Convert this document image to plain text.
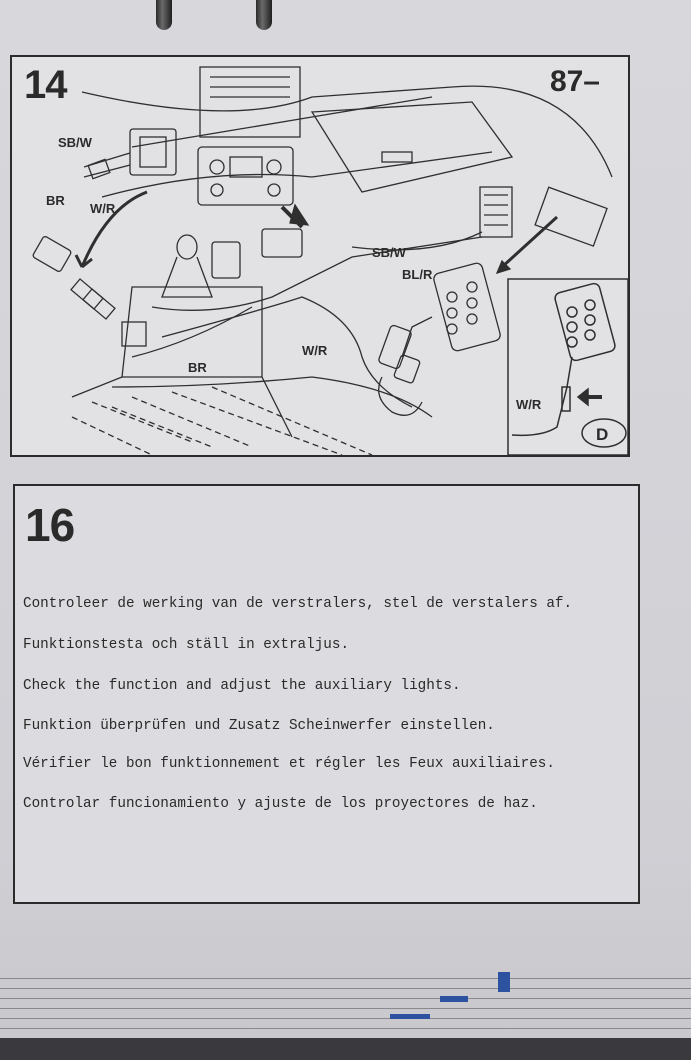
SB/W
BR
W/R
SB/W
BL/R
W/R
BR
W/R
D
14	87–
16

Controleer de werking van de verstralers, stel de verstalers af.

Funktionstesta och ställ in extraljus.

Check the function and adjust the auxiliary lights.

Funktion überprüfen und Zusatz Scheinwerfer einstellen.

Vérifier le bon funktionnement et régler les Feux auxiliaires.

Controlar funcionamiento y ajuste de los proyectores de haz.
